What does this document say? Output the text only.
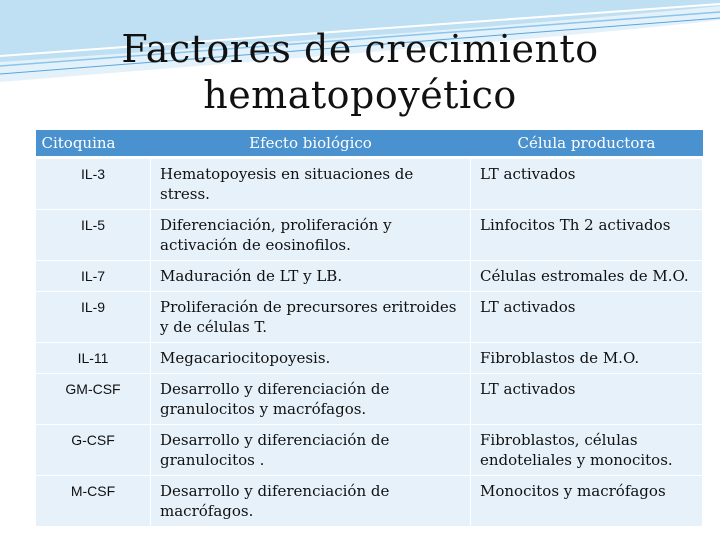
Factores de crecimiento
hematopoyético
Citoquina	Efecto biológico	Célula productora
IL-3	Hematopoyesis en situaciones de stress.	LT activados
IL-5	Diferenciación, proliferación y activación de eosinofilos.	Linfocitos Th 2 activados
IL-7	Maduración de LT y LB.	Células estromales de M.O.
IL-9	Proliferación de precursores eritroides y de células T.	LT activados
IL-11	Megacariocitopoyesis.	Fibroblastos de M.O.
GM-CSF	Desarrollo y diferenciación de granulocitos y macrófagos.	LT activados
G-CSF	Desarrollo y diferenciación de granulocitos .	Fibroblastos, células endoteliales y monocitos.
M-CSF	Desarrollo y diferenciación de macrófagos.	Monocitos y macrófagos
